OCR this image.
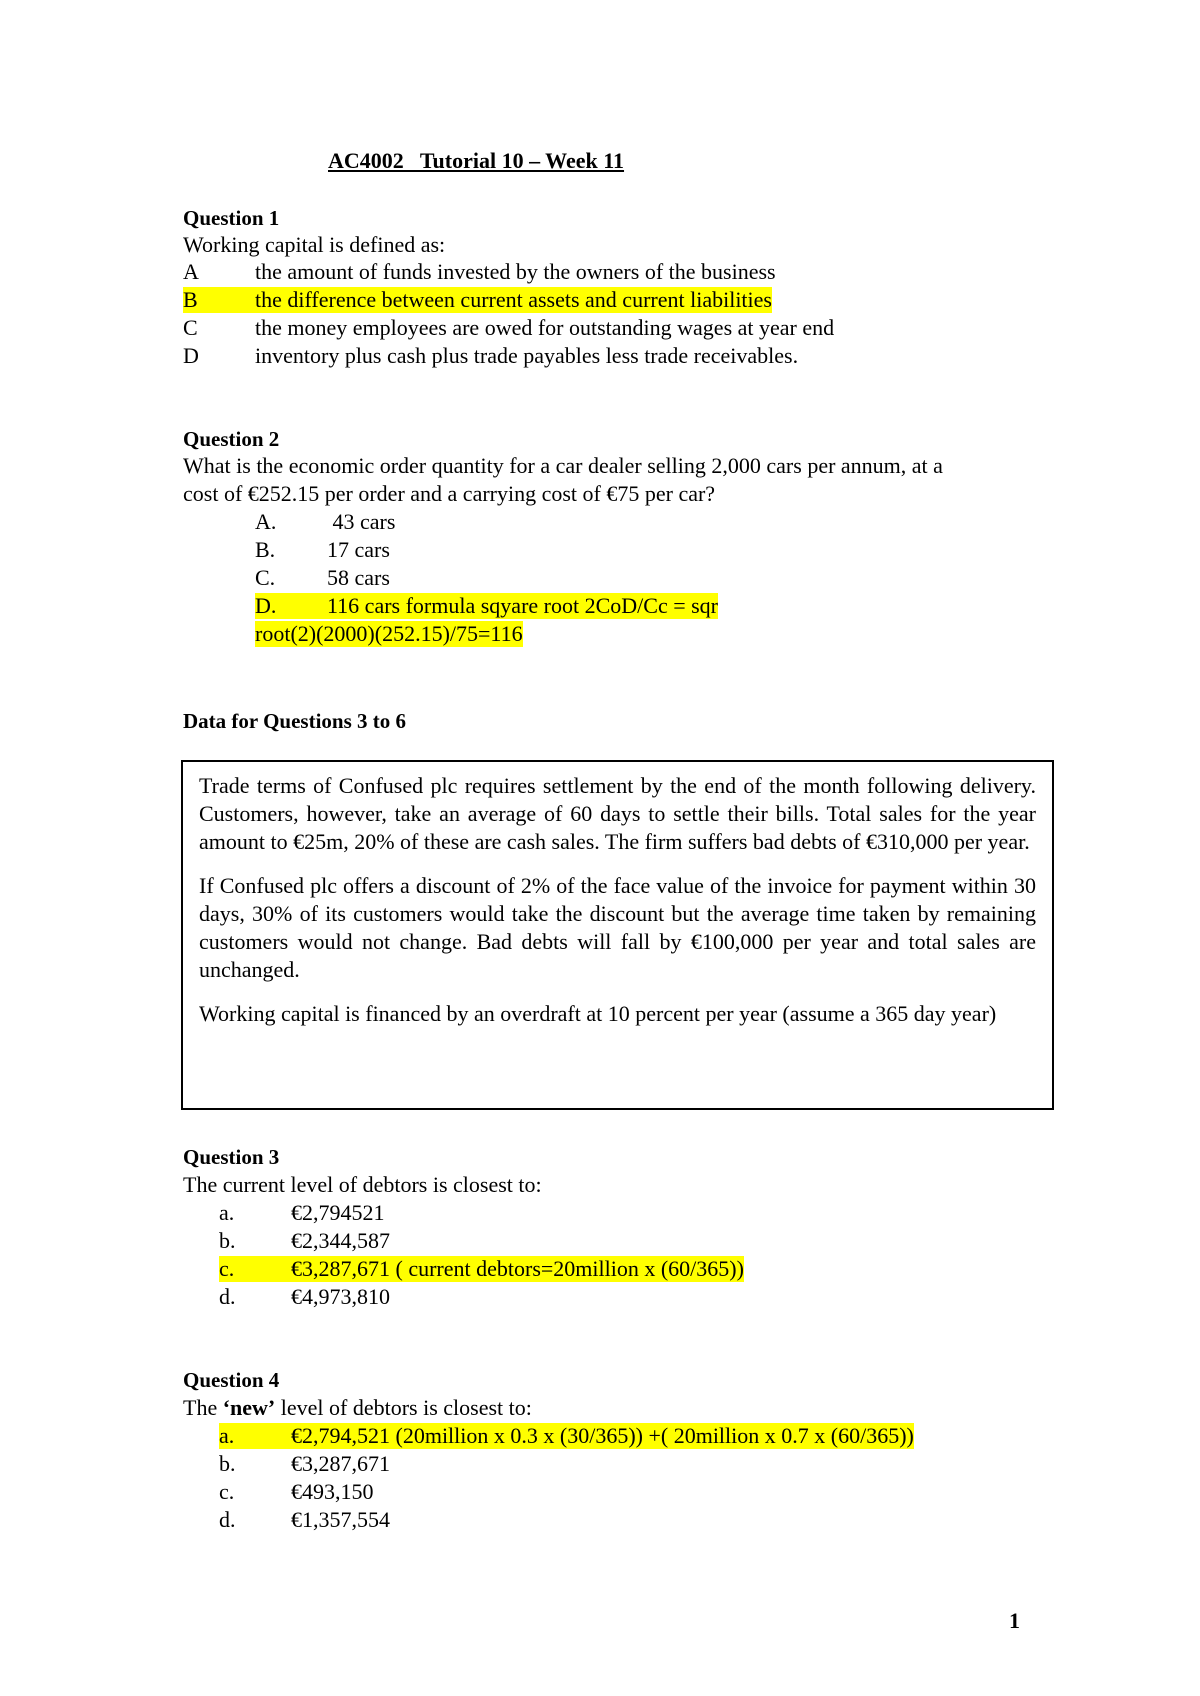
AC4002   Tutorial 10 – Week 11
Question 1
Working capital is defined as:
A	the amount of funds invested by the owners of the business
B	the difference between current assets and current liabilities
C	the money employees are owed for outstanding wages at year end
D	inventory plus cash plus trade payables less trade receivables.
Question 2
What is the economic order quantity for a car dealer selling 2,000 cars per annum, at a
cost of €252.15 per order and a carrying cost of €75 per car?
A. 43 cars
B. 17 cars
C. 58 cars
D. 116 cars formula sqyare root 2CoD/Cc = sqr
root(2)(2000)(252.15)/75=116
Data for Questions 3 to 6

Trade terms of Confused plc requires settlement by the end of the month following delivery. Customers, however, take an average of 60 days to settle their bills. Total sales for the year amount to €25m, 20% of these are cash sales. The firm suffers bad debts of €310,000 per year.

If Confused plc offers a discount of 2% of the face value of the invoice for payment within 30 days, 30% of its customers would take the discount but the average time taken by remaining customers would not change. Bad debts will fall by €100,000 per year and total sales are unchanged.

Working capital is financed by an overdraft at 10 percent per year (assume a 365 day year)

Question 3
The current level of debtors is closest to:
a.	€2,794521
b.	€2,344,587
c.	€3,287,671 ( current debtors=20million x (60/365))
d.	€4,973,810
Question 4
The ‘new’ level of debtors is closest to:
a.	€2,794,521 (20million x 0.3 x (30/365)) +( 20million x 0.7 x (60/365))
b.	€3,287,671
c.	€493,150
d.	€1,357,554
1
